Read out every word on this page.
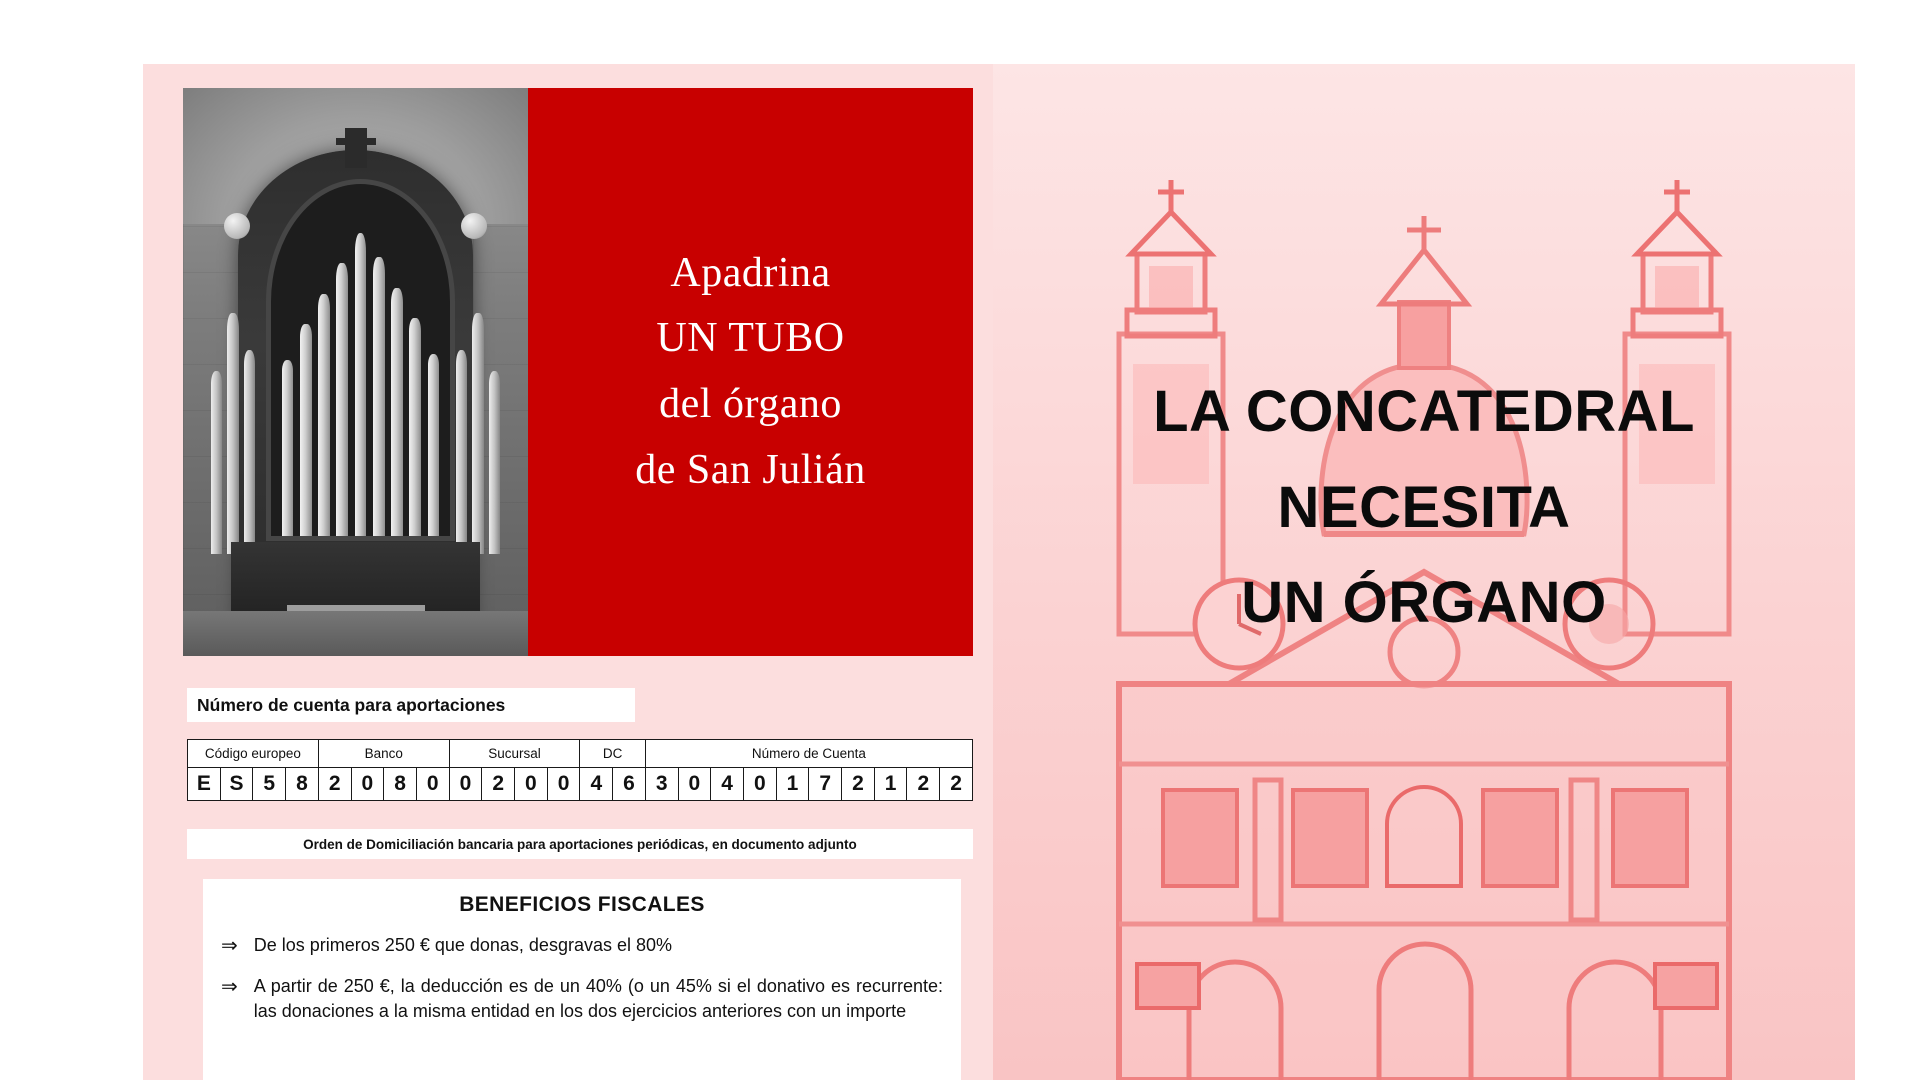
Apadrina
UN TUBO
del órgano
de San Julián
Número de cuenta para aportaciones
Código europeo				Banco				Sucursal				DC		Número de Cuenta									
E	S	5	8	2	0	8	0	0	2	0	0	4	6	3	0	4	0	1	7	2	1	2	2
Orden de Domiciliación bancaria para aportaciones periódicas, en documento adjunto
BENEFICIOS FISCALES
⇒ De los primeros 250 € que donas, desgravas el 80%
⇒ A partir de 250 €, la deducción es de un 40% (o un 45% si el donativo es recurrente: las donaciones a la misma entidad en los dos ejercicios anteriores con un importe
LA CONCATEDRAL
NECESITA
UN ÓRGANO
